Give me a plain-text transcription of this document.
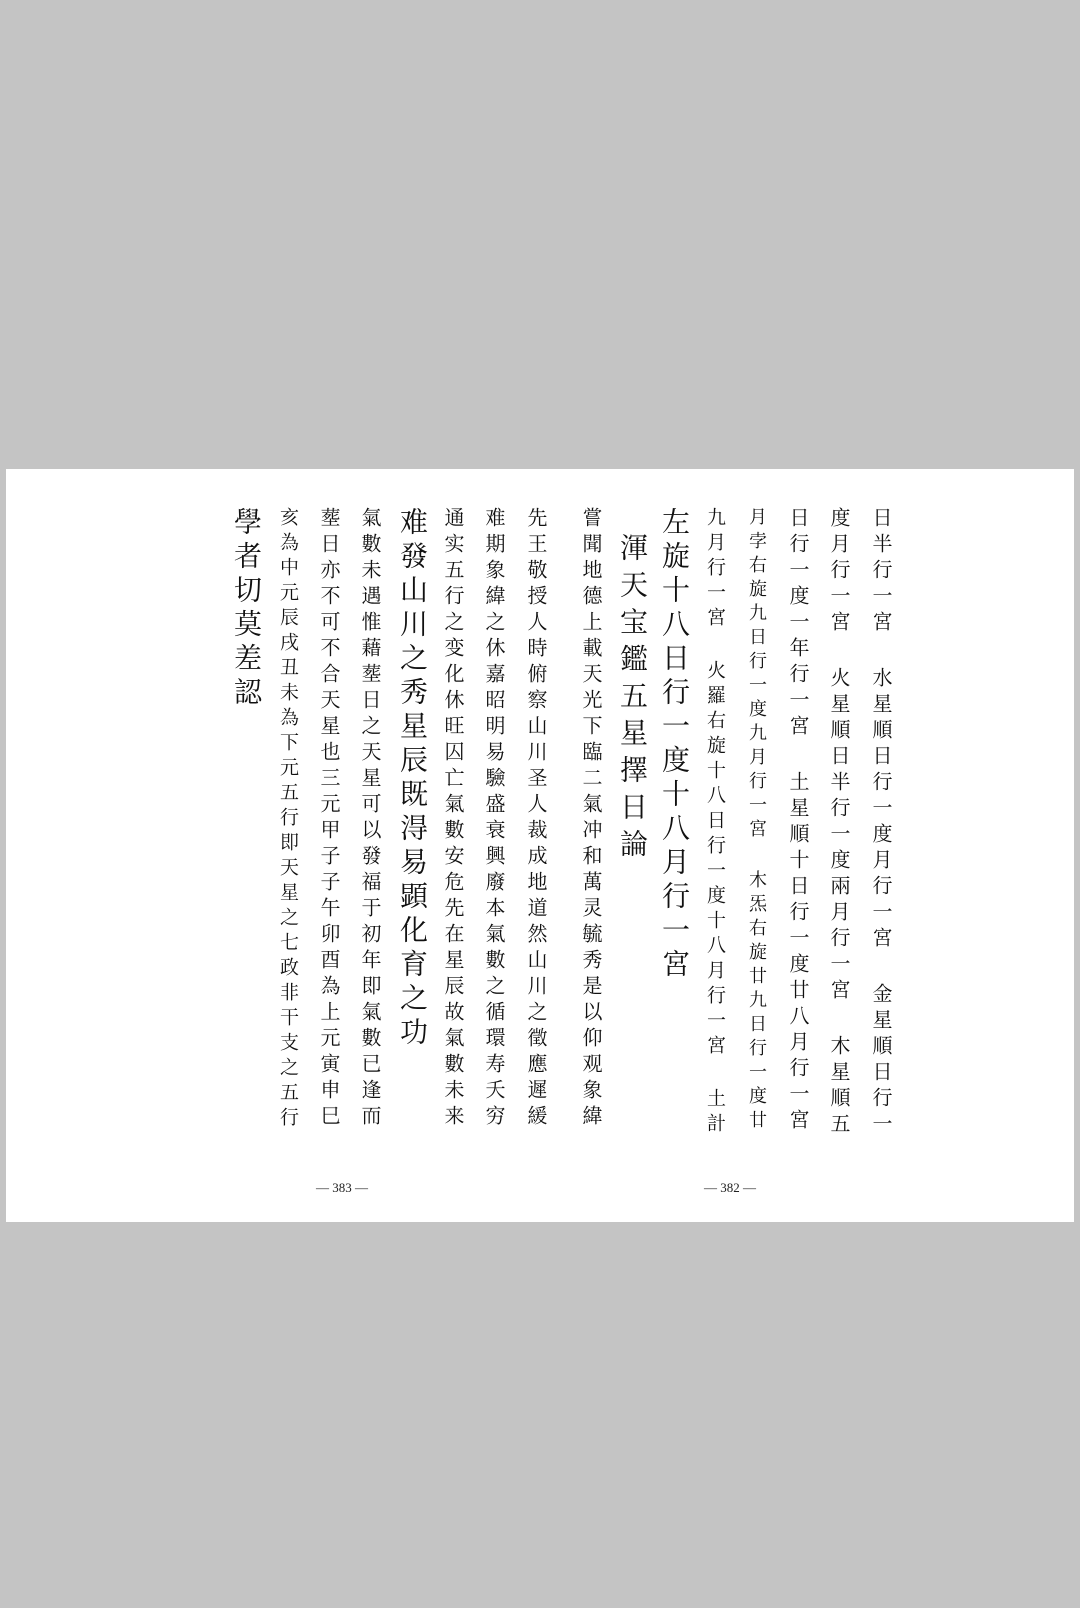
先王敬授人時俯察山川圣人裁成地道然山川之徵應遲緩
难期象緯之休嘉昭明易驗盛衰興廢本氣數之循環寿夭穷
通实五行之变化休旺囚亡氣數安危先在星辰故氣數未来
难發山川之秀星辰既淂易顕化育之功
氣數未遇惟藉塟日之天星可以發福于初年即氣數已逢而
塟日亦不可不合天星也三元甲子子午卯酉為上元寅申巳
亥為中元辰戌丑未為下元五行即天星之七政非干支之五行
學者切莫差認
— 383 —
日半行一宮 水星順日行一度月行一宮 金星順日行一
度月行一宮 火星順日半行一度兩月行一宮 木星順五
日行一度一年行一宮 土星順十日行一度廿八月行一宮
月孛右旋九日行一度九月行一宮 木炁右旋廿九日行一度廿
九月行一宮 火羅右旋十八日行一度十八月行一宮 土計
左旋十八日行一度十八月行一宮
渾天宝鑑五星擇日論
嘗聞地德上載天光下臨二氣冲和萬灵毓秀是以仰观象緯
— 382 —
